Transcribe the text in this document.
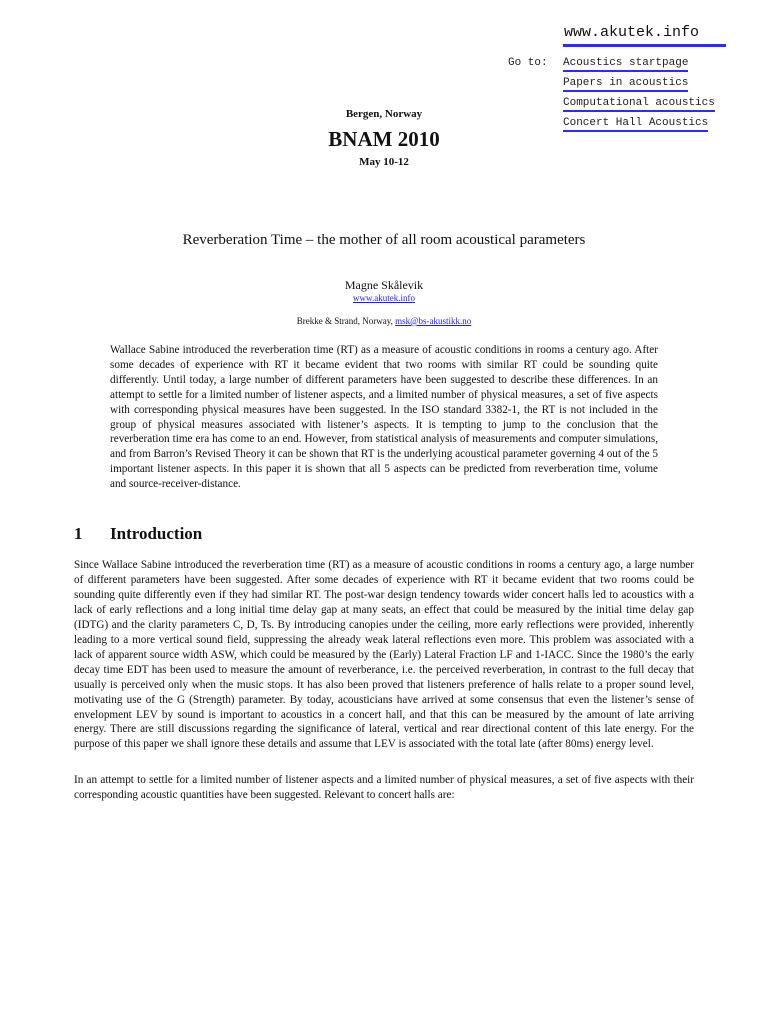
www.akutek.info
Go to: Acoustics startpage
Papers in acoustics
Computational acoustics
Concert Hall Acoustics
Bergen, Norway
BNAM 2010
May 10-12
Reverberation Time – the mother of all room acoustical parameters
Magne Skålevik
www.akutek.info
Brekke & Strand, Norway, msk@bs-akustikk.no

Wallace Sabine introduced the reverberation time (RT) as a measure of acoustic conditions in rooms a century ago. After some decades of experience with RT it became evident that two rooms with similar RT could be sounding quite differently. Until today, a large number of different parameters have been suggested to describe these differences. In an attempt to settle for a limited number of listener aspects, and a limited number of physical measures, a set of five aspects with corresponding physical measures have been suggested. In the ISO standard 3382-1, the RT is not included in the group of physical measures associated with listener’s aspects. It is tempting to jump to the conclusion that the reverberation time era has come to an end. However, from statistical analysis of measurements and computer simulations, and from Barron’s Revised Theory it can be shown that RT is the underlying acoustical parameter governing 4 out of the 5 important listener aspects. In this paper it is shown that all 5 aspects can be predicted from reverberation time, volume and source-receiver-distance.

1 Introduction

Since Wallace Sabine introduced the reverberation time (RT) as a measure of acoustic conditions in rooms a century ago, a large number of different parameters have been suggested. After some decades of experience with RT it became evident that two rooms could be sounding quite differently even if they had similar RT. The post-war design tendency towards wider concert halls led to acoustics with a lack of early reflections and a long initial time delay gap at many seats, an effect that could be measured by the initial time delay gap (IDTG) and the clarity parameters C, D, Ts. By introducing canopies under the ceiling, more early reflections were provided, inherently leading to a more vertical sound field, suppressing the already weak lateral reflections even more. This problem was associated with a lack of apparent source width ASW, which could be measured by the (Early) Lateral Fraction LF and 1-IACC. Since the 1980’s the early decay time EDT has been used to measure the amount of reverberance, i.e. the perceived reverberation, in contrast to the full decay that usually is perceived only when the music stops. It has also been proved that listeners preference of halls relate to a proper sound level, motivating use of the G (Strength) parameter. By today, acousticians have arrived at some consensus that even the listener’s sense of envelopment LEV by sound is important to acoustics in a concert hall, and that this can be measured by the amount of late arriving energy. There are still discussions regarding the significance of lateral, vertical and rear directional content of this late energy. For the purpose of this paper we shall ignore these details and assume that LEV is associated with the total late (after 80ms) energy level.

In an attempt to settle for a limited number of listener aspects and a limited number of physical measures, a set of five aspects with their corresponding acoustic quantities have been suggested. Relevant to concert halls are:
